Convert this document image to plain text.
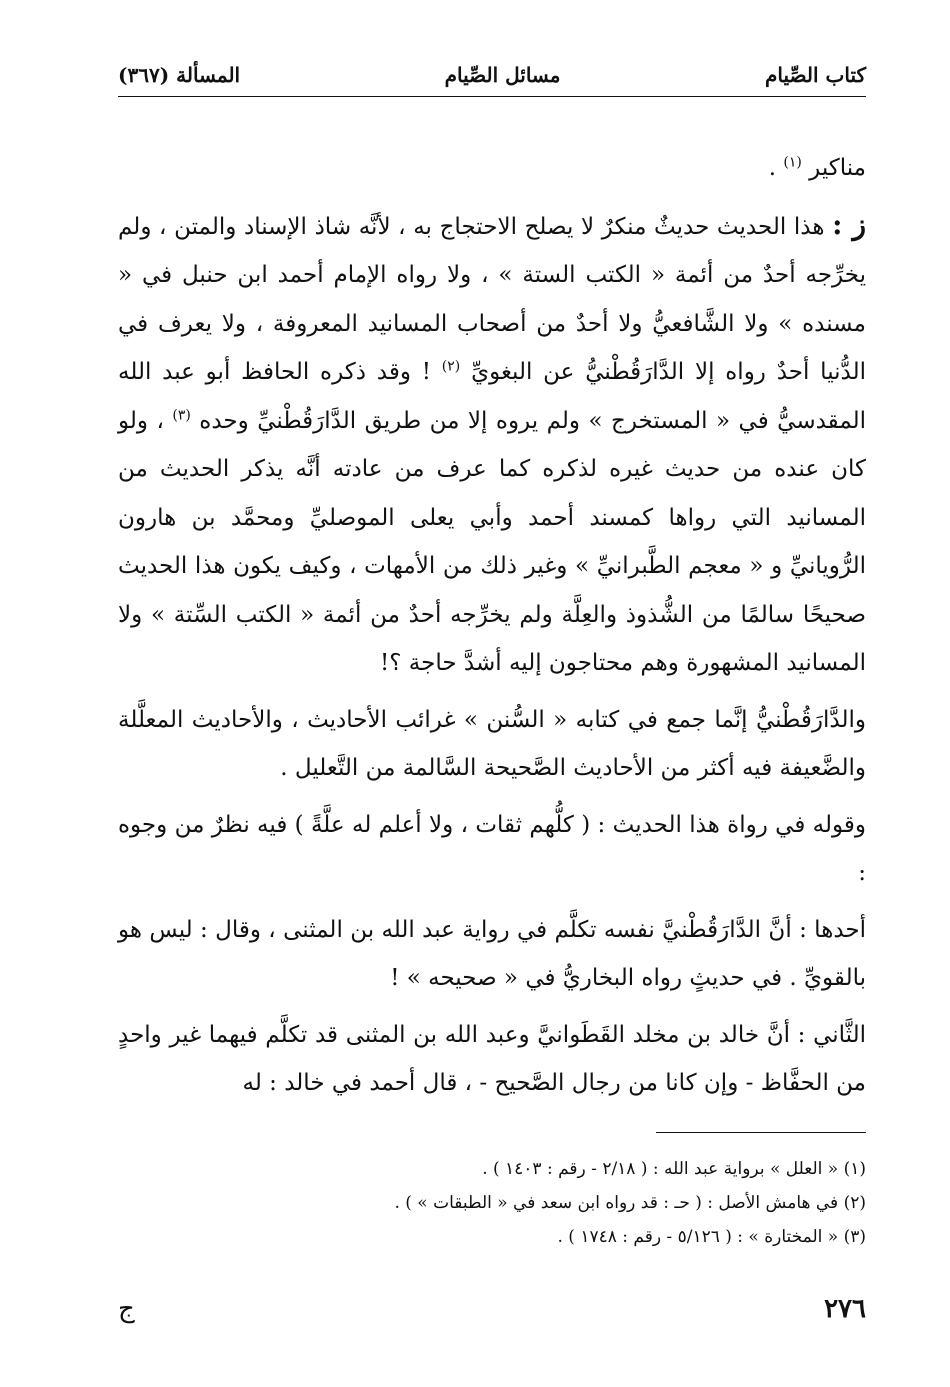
كتاب الصِّيام
مسائل الصِّيام
المسألة (٣٦٧)

مناكير $^{(١)}$ .

ز : هذا الحديث حديثٌ منكرٌ لا يصلح الاحتجاج به ، لأنَّه شاذ الإسناد والمتن ، ولم يخرِّجه أحدٌ من أئمة « الكتب الستة » ، ولا رواه الإمام أحمد ابن حنبل في « مسنده » ولا الشَّافعيُّ ولا أحدٌ من أصحاب المسانيد المعروفة ، ولا يعرف في الدُّنيا أحدٌ رواه إلا الدَّارَقُطْنيُّ عن البغويِّ $^{(٢)}$ ! وقد ذكره الحافظ أبو عبد الله المقدسيُّ في « المستخرج » ولم يروه إلا من طريق الدَّارَقُطْنيِّ وحده $^{(٣)}$ ، ولو كان عنده من حديث غيره لذكره كما عرف من عادته أنَّه يذكر الحديث من المسانيد التي رواها كمسند أحمد وأبي يعلى الموصليِّ ومحمَّد بن هارون الرُّويانيِّ و « معجم الطَّبرانيِّ » وغير ذلك من الأمهات ، وكيف يكون هذا الحديث صحيحًا سالمًا من الشُّذوذ والعِلَّة ولم يخرِّجه أحدٌ من أئمة « الكتب السِّتة » ولا المسانيد المشهورة وهم محتاجون إليه أشدَّ حاجة ؟!

والدَّارَقُطْنيُّ إنَّما جمع في كتابه « السُّنن » غرائب الأحاديث ، والأحاديث المعلَّلة والضَّعيفة فيه أكثر من الأحاديث الصَّحيحة السَّالمة من التَّعليل .

وقوله في رواة هذا الحديث : ( كلُّهم ثقات ، ولا أعلم له علَّةً ) فيه نظرٌ من وجوه :

أحدها : أنَّ الدَّارَقُطْنيَّ نفسه تكلَّم في رواية عبد الله بن المثنى ، وقال : ليس هو بالقويِّ . في حديثٍ رواه البخاريُّ في « صحيحه » !

الثَّاني : أنَّ خالد بن مخلد القَطَوانيَّ وعبد الله بن المثنى قد تكلَّم فيهما غير واحدٍ من الحفَّاظ - وإن كانا من رجال الصَّحيح - ، قال أحمد في خالد : له

(١) « العلل » برواية عبد الله : ( ٢/١٨ - رقم : ١٤٠٣ ) .
(٢) في هامش الأصل : ( حـ : قد رواه ابن سعد في « الطبقات » ) .
(٣) « المختارة » : ( ٥/١٢٦ - رقم : ١٧٤٨ ) .
٢٧٦
ج
